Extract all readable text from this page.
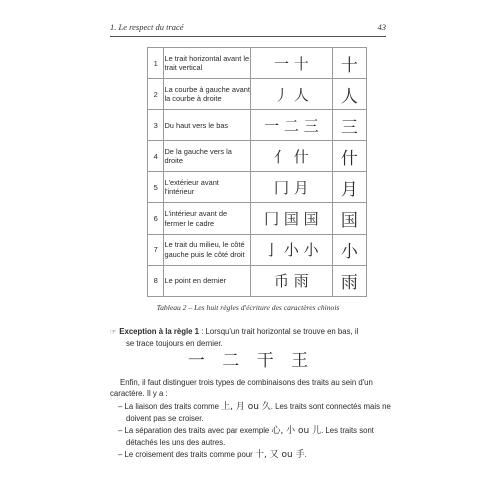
1. Le respect du tracé	43
1	Le trait horizontal avant le trait vertical	一 十	十
2	La courbe à gauche avant la courbe à droite	丿 人	人
3	Du haut vers le bas	一 二 三	三
4	De la gauche vers la droite	亻 什	什
5	L'extérieur avant l'intérieur	冂 月	月
6	L'intérieur avant de fermer le cadre	冂 国 国	国
7	Le trait du milieu, le côté gauche puis le côté droit	亅 小 小	小
8	Le point en dernier	币 雨	雨
Tableau 2 – Les huit règles d'écriture des caractères chinois
☞ Exception à la règle 1 : Lorsqu'un trait horizontal se trouve en bas, il
se trace toujours en dernier.
一 二 干 王
Enfin, il faut distinguer trois types de combinaisons des traits au sein d'un caractère. Il y a :
– La liaison des traits comme 上, 月 ou 久. Les traits sont connectés mais ne doivent pas se croiser.
– La séparation des traits avec par exemple 心, 小 ou 儿. Les traits sont détachés les uns des autres.
– Le croisement des traits comme pour 十, 又 ou 手.
